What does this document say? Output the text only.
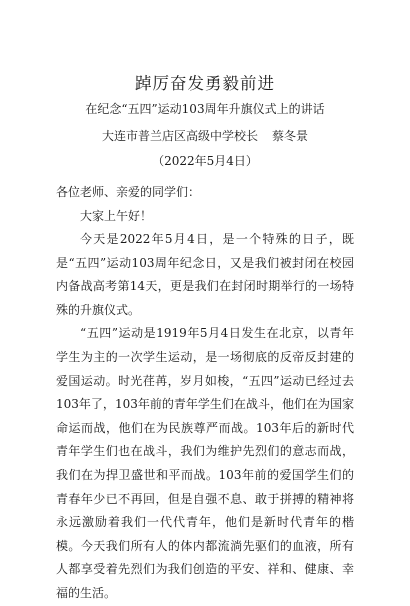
踔厉奋发勇毅前进
在纪念“五四”运动103周年升旗仪式上的讲话
大连市普兰店区高级中学校长 蔡冬景
（2022年5月4日）
各位老师、亲爱的同学们：

大家上午好！

今天是2022年5月4日，是一个特殊的日子，既是“五四”运动103周年纪念日，又是我们被封闭在校园内备战高考第14天，更是我们在封闭时期举行的一场特殊的升旗仪式。

“五四”运动是1919年5月4日发生在北京，以青年学生为主的一次学生运动，是一场彻底的反帝反封建的爱国运动。时光荏苒，岁月如梭，“五四”运动已经过去103年了，103年前的青年学生们在战斗，他们在为国家命运而战，他们在为民族尊严而战。103年后的新时代青年学生们也在战斗，我们为维护先烈们的意志而战，我们在为捍卫盛世和平而战。103年前的爱国学生们的青春年少已不再回，但是自强不息、敢于拼搏的精神将永远激励着我们一代代青年，他们是新时代青年的楷模。今天我们所有人的体内都流淌先驱们的血液，所有人都享受着先烈们为我们创造的平安、祥和、健康、幸福的生活。
